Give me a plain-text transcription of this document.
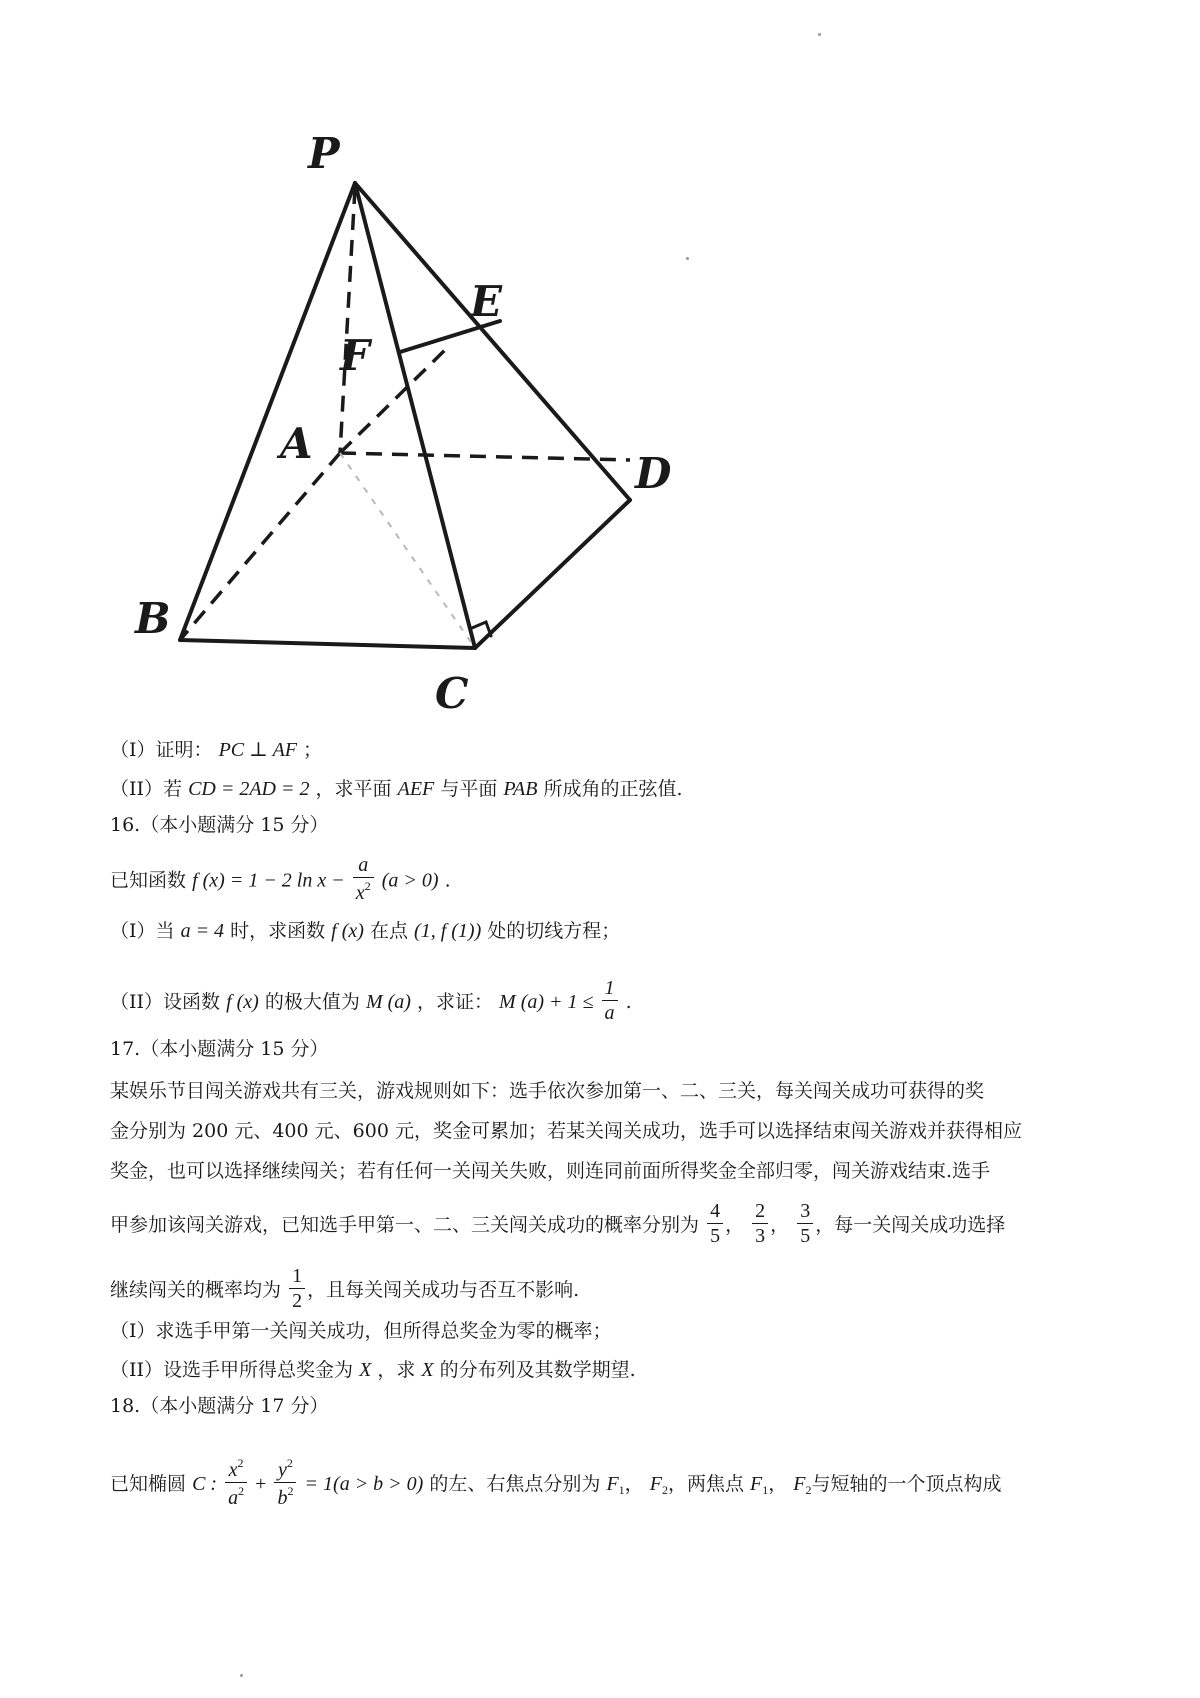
P
E
F
A
D
B
C
（I）证明： PC ⊥ AF ；
（II）若 CD = 2AD = 2 ，求平面 AEF 与平面 PAB 所成角的正弦值.
16.（本小题满分 15 分）
已知函数 f (x) = 1 − 2 $\ln x - \frac{a}{x^2} (a > 0)$ .
（I）当 a = 4 时，求函数 f (x) 在点 (1, f (1)) 处的切线方程；
（II）设函数 f (x) 的极大值为 M (a) ，求证： M $(a) + 1 \le \frac{1}{a}$ .
17.（本小题满分 15 分）
某娱乐节目闯关游戏共有三关，游戏规则如下：选手依次参加第一、二、三关，每关闯关成功可获得的奖
金分别为 200 元、400 元、600 元，奖金可累加；若某关闯关成功，选手可以选择结束闯关游戏并获得相应
奖金，也可以选择继续闯关；若有任何一关闯关失败，则连同前面所得奖金全部归零，闯关游戏结束.选手
甲参加该闯关游戏，已知选手甲第一、二、三关闯关成功的概率分别为 $\frac{4}{5}$ ， $\frac{2}{3}$ ， $\frac{3}{5}$ ，每一关闯关成功选择
继续闯关的概率均为 $\frac{1}{2}$ ，且每关闯关成功与否互不影响.
（I）求选手甲第一关闯关成功，但所得总奖金为零的概率；
（II）设选手甲所得总奖金为 X ，求 X 的分布列及其数学期望.
18.（本小题满分 17 分）
已知椭圆 C : $\frac{x^2}{a^2} + \frac{y^2}{b^2} = 1(a > b > 0)$ 的左、右焦点分别为 $F_1$， $F_2$，两焦点 $F_1$， $F_2$与短轴的一个顶点构成
